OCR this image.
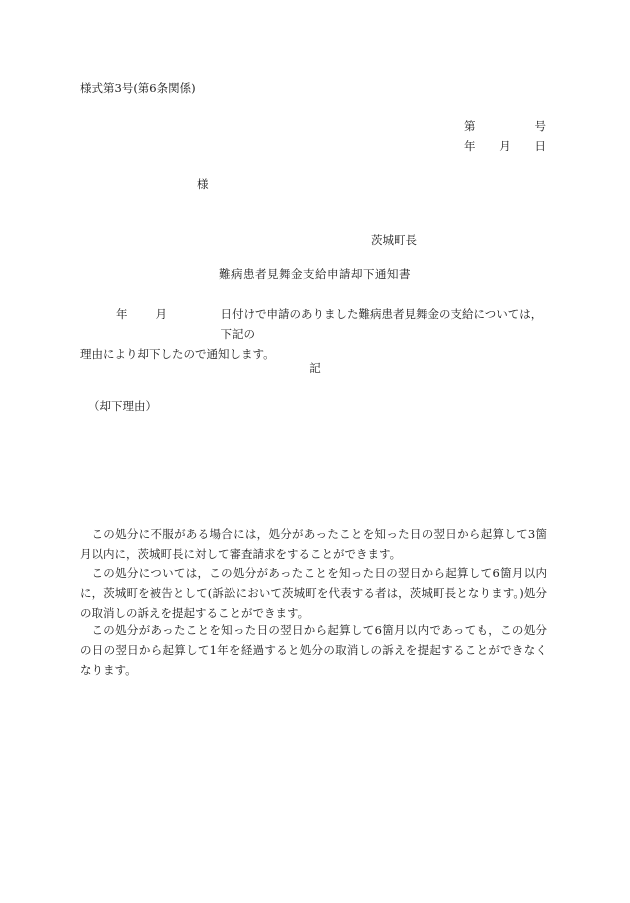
様式第3号(第6条関係)
第	号
年 月 日
様
茨城町長
難病患者見舞金支給申請却下通知書
年 月	日付けで申請のありました難病患者見舞金の支給については，下記の
理由により却下したので通知します。
記
（却下理由）

この処分に不服がある場合には，処分があったことを知った日の翌日から起算して3箇月以内に，茨城町長に対して審査請求をすることができます。

この処分については，この処分があったことを知った日の翌日から起算して6箇月以内に，茨城町を被告として(訴訟において茨城町を代表する者は，茨城町長となります。)処分の取消しの訴えを提起することができます。

この処分があったことを知った日の翌日から起算して6箇月以内であっても，この処分の日の翌日から起算して1年を経過すると処分の取消しの訴えを提起することができなくなります。
